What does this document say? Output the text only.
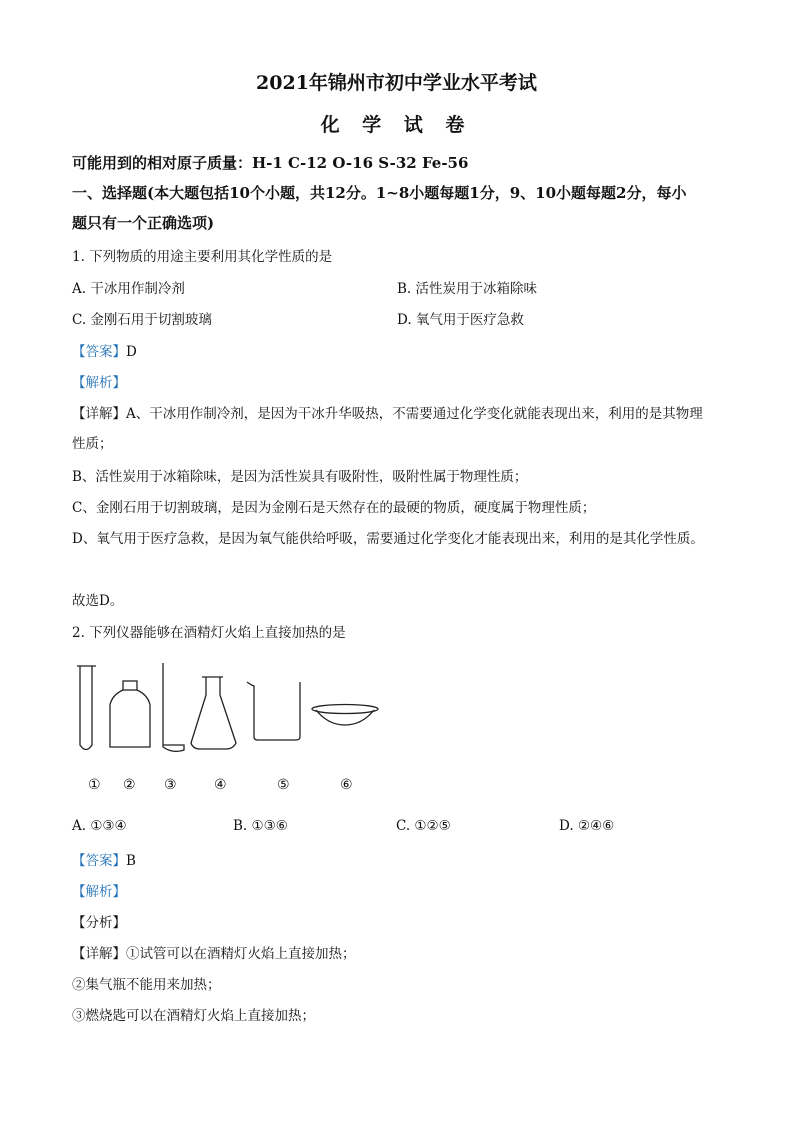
2021年锦州市初中学业水平考试
化 学 试 卷
可能用到的相对原子质量：H-1 C-12 O-16 S-32 Fe-56
一、选择题(本大题包括10个小题，共12分。1~8小题每题1分，9、10小题每题2分，每小
题只有一个正确选项)
1. 下列物质的用途主要利用其化学性质的是
A. 干冰用作制冷剂	B. 活性炭用于冰箱除味
C. 金刚石用于切割玻璃	D. 氧气用于医疗急救
【答案】D
【解析】
【详解】A、干冰用作制冷剂，是因为干冰升华吸热，不需要通过化学变化就能表现出来，利用的是其物理
性质；
B、活性炭用于冰箱除味，是因为活性炭具有吸附性，吸附性属于物理性质；
C、金刚石用于切割玻璃，是因为金刚石是天然存在的最硬的物质，硬度属于物理性质；
D、氧气用于医疗急救，是因为氧气能供给呼吸，需要通过化学变化才能表现出来，利用的是其化学性质。
故选D。
2. 下列仪器能够在酒精灯火焰上直接加热的是
① ② ③	④	⑤	⑥
A. ①③④	B. ①③⑥	C. ①②⑤	D. ②④⑥
【答案】B
【解析】
【分析】
【详解】①试管可以在酒精灯火焰上直接加热；
②集气瓶不能用来加热；
③燃烧匙可以在酒精灯火焰上直接加热；
